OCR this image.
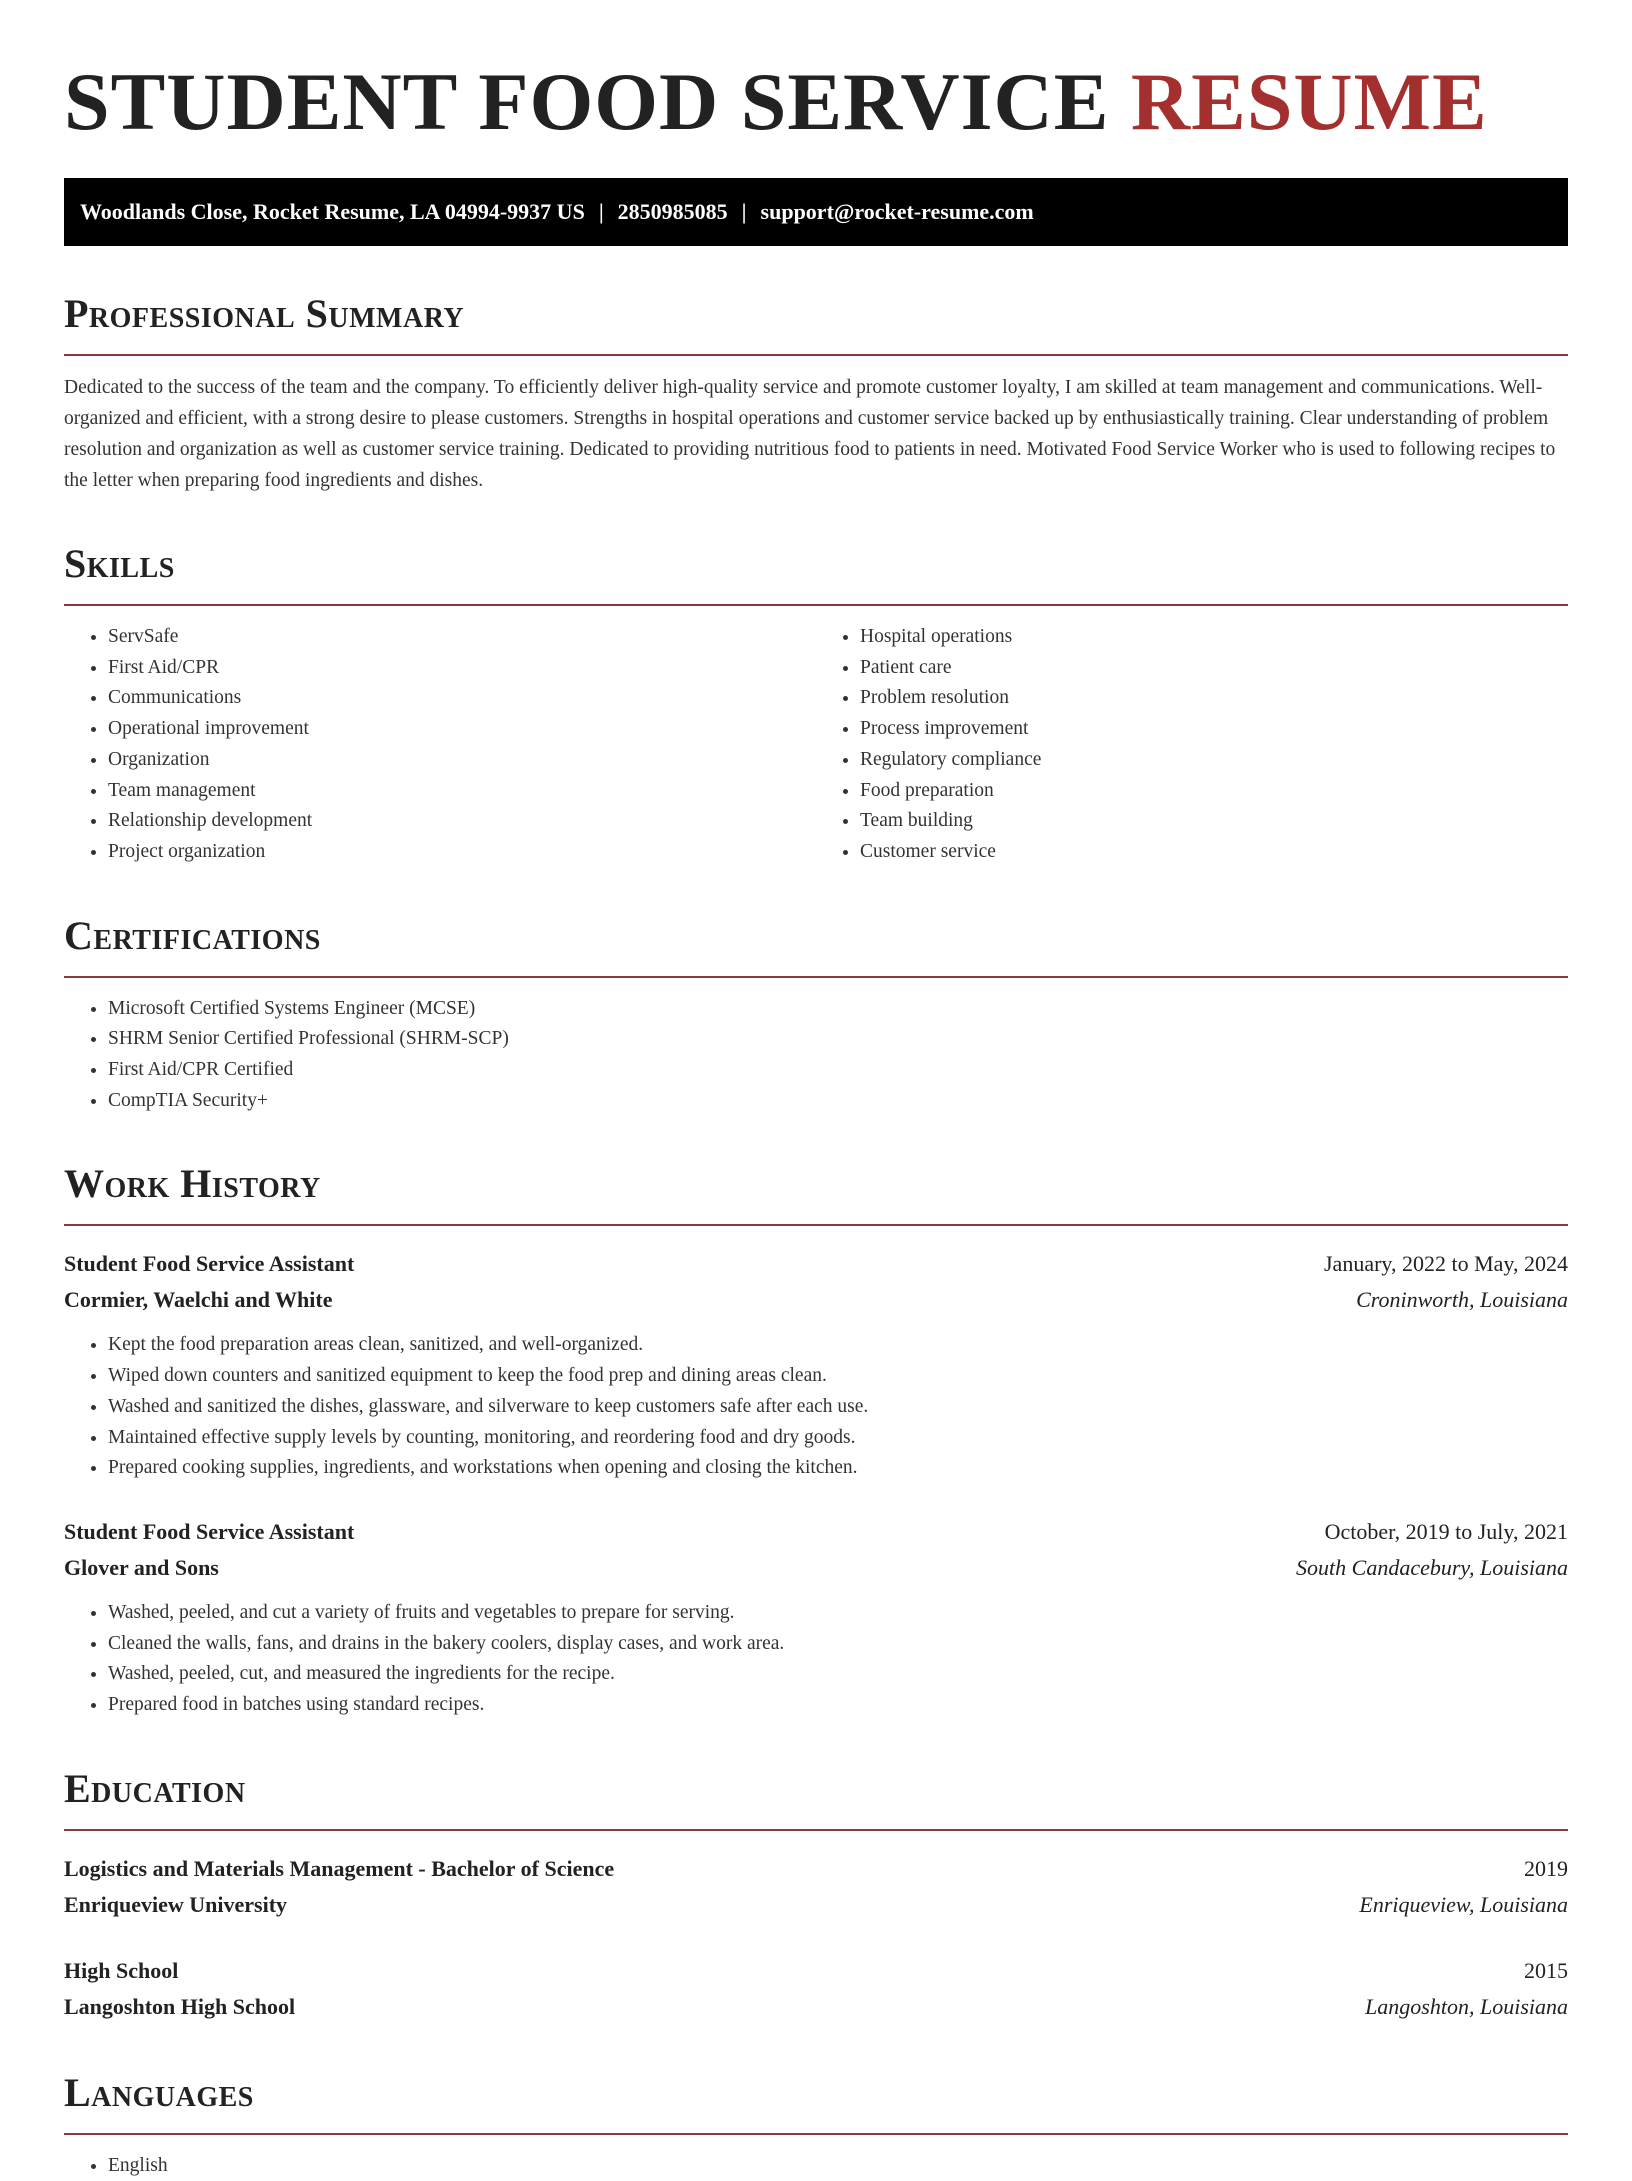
STUDENT FOOD SERVICE RESUME
Woodlands Close, Rocket Resume, LA 04994-9937 US | 2850985085 | support@rocket-resume.com
Professional Summary

Dedicated to the success of the team and the company. To efficiently deliver high-quality service and promote customer loyalty, I am skilled at team management and communications. Well-organized and efficient, with a strong desire to please customers. Strengths in hospital operations and customer service backed up by enthusiastically training. Clear understanding of problem resolution and organization as well as customer service training. Dedicated to providing nutritious food to patients in need. Motivated Food Service Worker who is used to following recipes to the letter when preparing food ingredients and dishes.

Skills
• ServSafe
• First Aid/CPR
• Communications
• Operational improvement
• Organization
• Team management
• Relationship development
• Project organization
• Hospital operations
• Patient care
• Problem resolution
• Process improvement
• Regulatory compliance
• Food preparation
• Team building
• Customer service
Certifications
• Microsoft Certified Systems Engineer (MCSE)
• SHRM Senior Certified Professional (SHRM-SCP)
• First Aid/CPR Certified
• CompTIA Security+
Work History
Student Food Service Assistant	January, 2022 to May, 2024
Cormier, Waelchi and White	Croninworth, Louisiana
• Kept the food preparation areas clean, sanitized, and well-organized.
• Wiped down counters and sanitized equipment to keep the food prep and dining areas clean.
• Washed and sanitized the dishes, glassware, and silverware to keep customers safe after each use.
• Maintained effective supply levels by counting, monitoring, and reordering food and dry goods.
• Prepared cooking supplies, ingredients, and workstations when opening and closing the kitchen.
Student Food Service Assistant	October, 2019 to July, 2021
Glover and Sons	South Candacebury, Louisiana
• Washed, peeled, and cut a variety of fruits and vegetables to prepare for serving.
• Cleaned the walls, fans, and drains in the bakery coolers, display cases, and work area.
• Washed, peeled, cut, and measured the ingredients for the recipe.
• Prepared food in batches using standard recipes.
Education
Logistics and Materials Management - Bachelor of Science	2019
Enriqueview University	Enriqueview, Louisiana
High School	2015
Langoshton High School	Langoshton, Louisiana
Languages
• English
